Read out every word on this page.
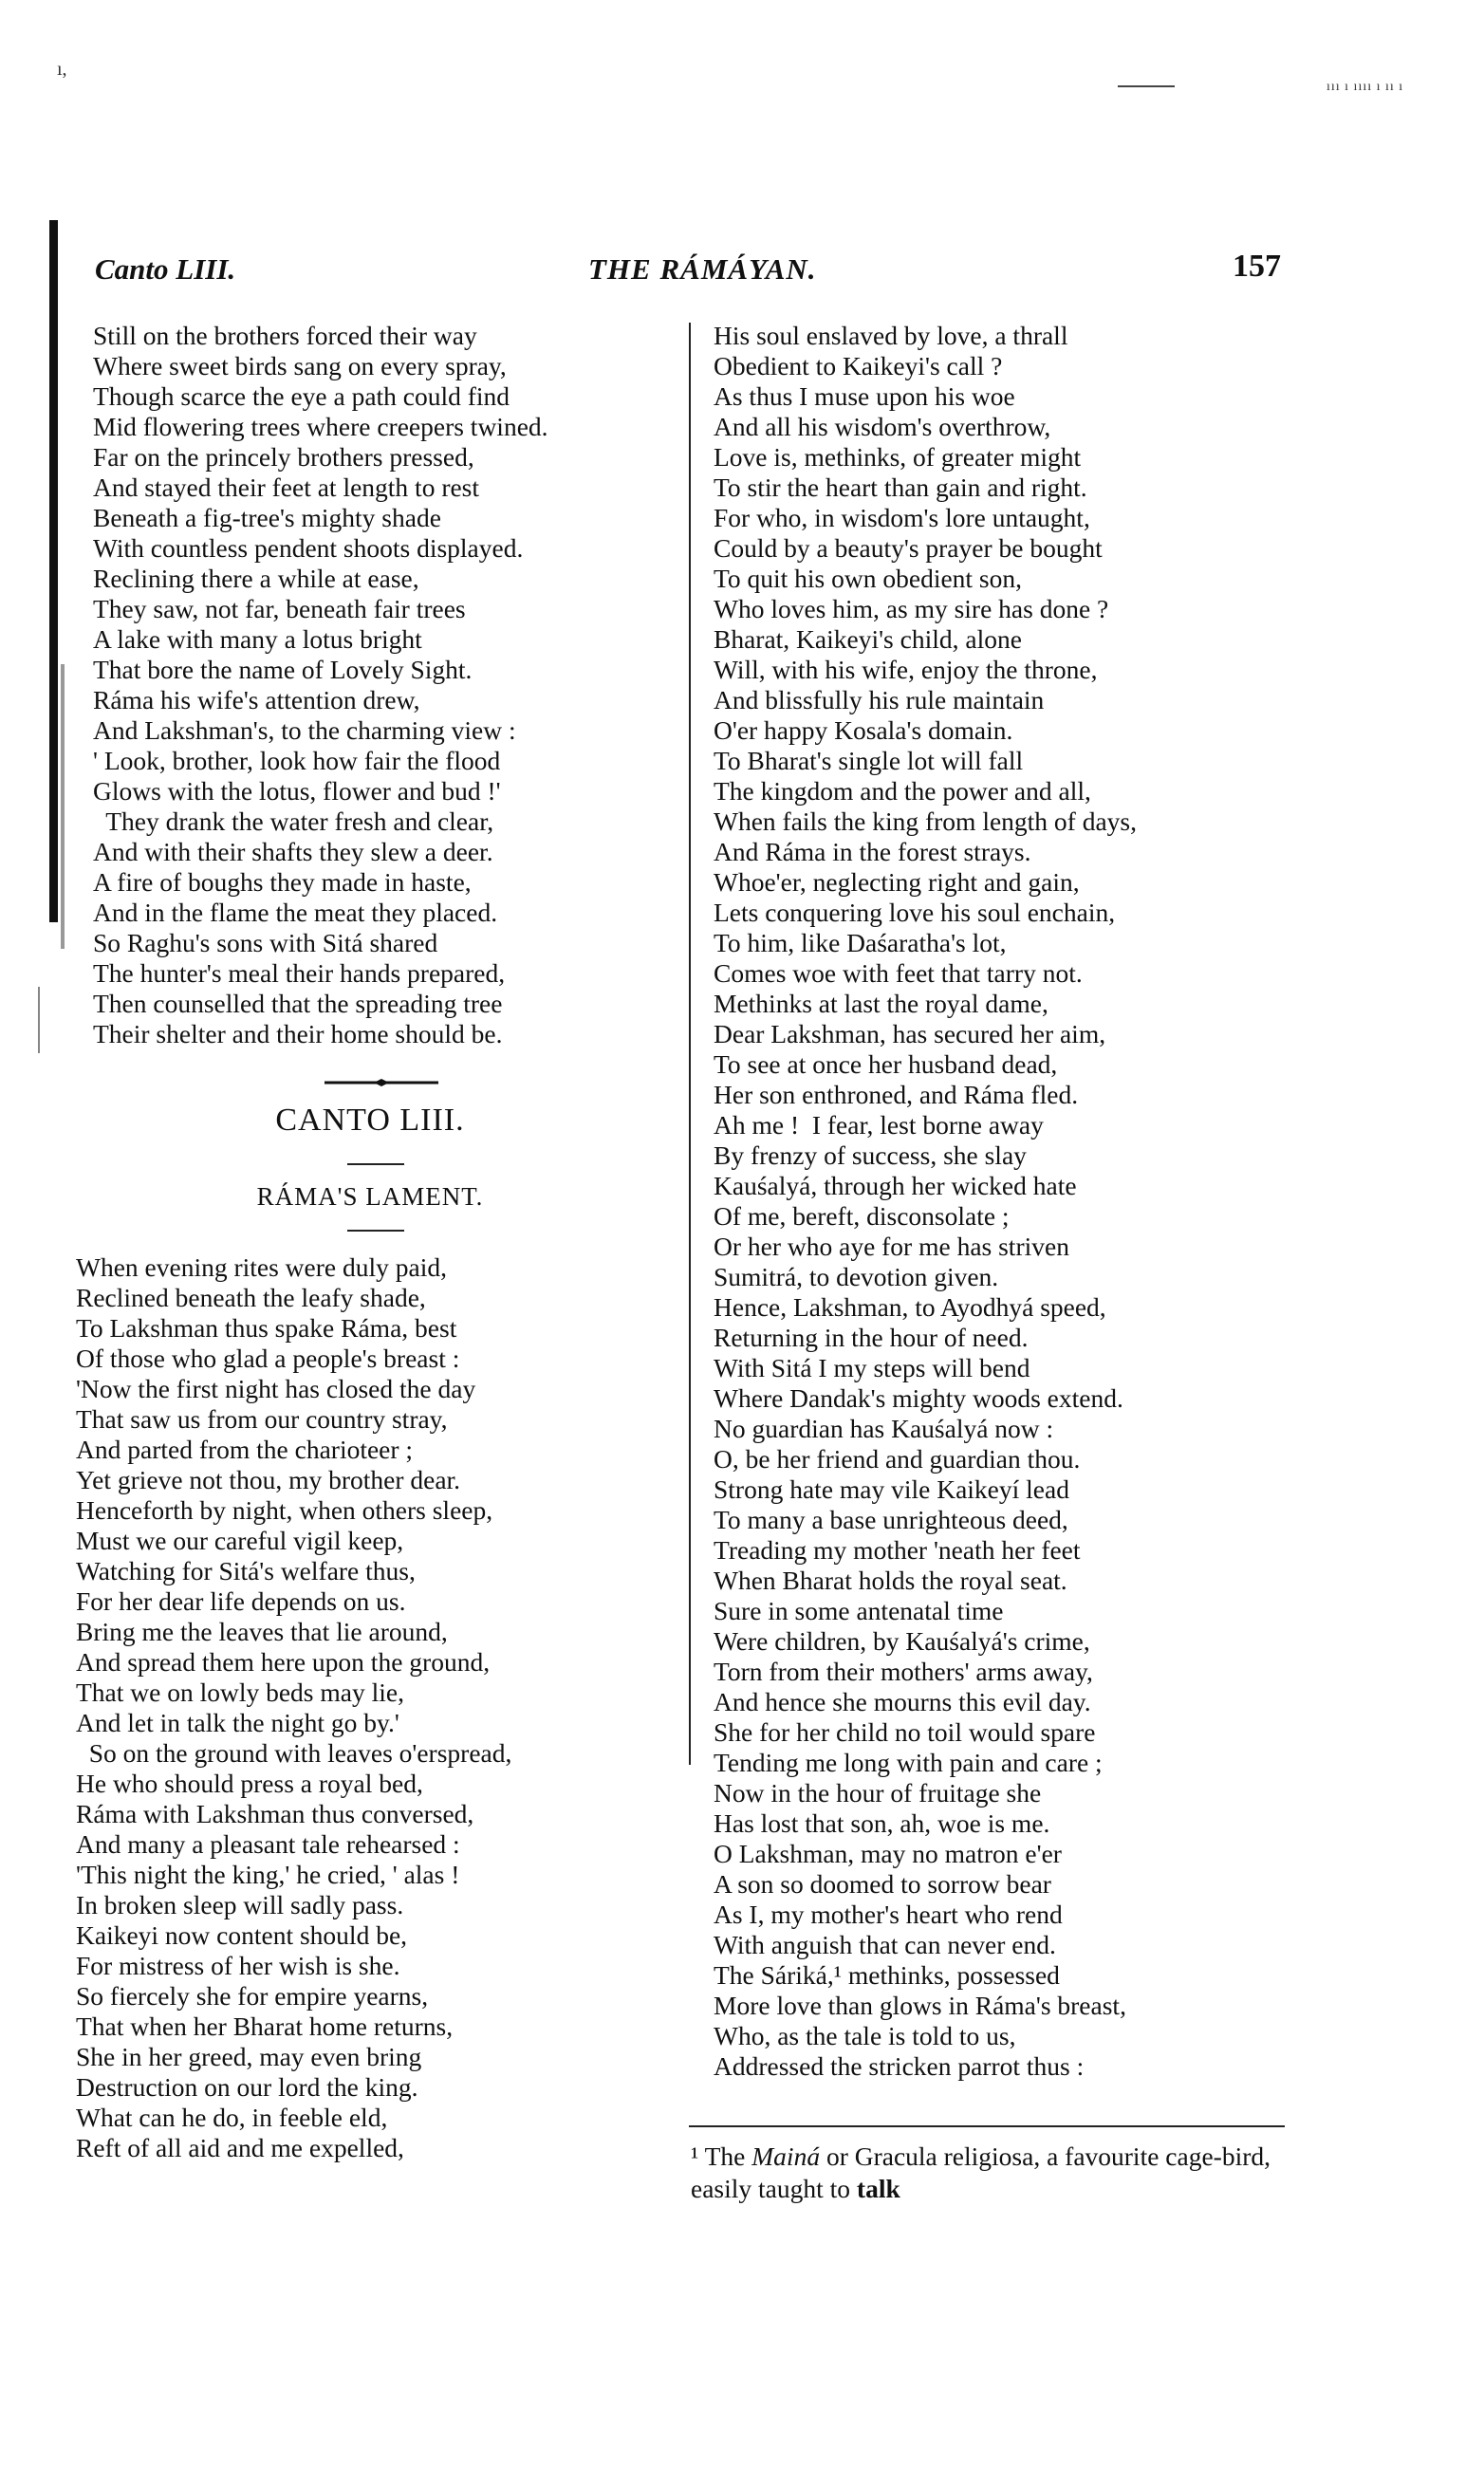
ı,
ııı ı ıııı ı ıı ı
Canto LIII.	THE RÁMÁYAN.	157
Still on the brothers forced their way
Where sweet birds sang on every spray,
Though scarce the eye a path could find
Mid flowering trees where creepers twined.
Far on the princely brothers pressed,
And stayed their feet at length to rest
Beneath a fig-tree's mighty shade
With countless pendent shoots displayed.
Reclining there a while at ease,
They saw, not far, beneath fair trees
A lake with many a lotus bright
That bore the name of Lovely Sight.
Ráma his wife's attention drew,
And Lakshman's, to the charming view :
' Look, brother, look how fair the flood
Glows with the lotus, flower and bud !'
They drank the water fresh and clear,
And with their shafts they slew a deer.
A fire of boughs they made in haste,
And in the flame the meat they placed.
So Raghu's sons with Sitá shared
The hunter's meal their hands prepared,
Then counselled that the spreading tree
Their shelter and their home should be.
CANTO LIII.
RÁMA'S LAMENT.
When evening rites were duly paid,
Reclined beneath the leafy shade,
To Lakshman thus spake Ráma, best
Of those who glad a people's breast :
'Now the first night has closed the day
That saw us from our country stray,
And parted from the charioteer ;
Yet grieve not thou, my brother dear.
Henceforth by night, when others sleep,
Must we our careful vigil keep,
Watching for Sitá's welfare thus,
For her dear life depends on us.
Bring me the leaves that lie around,
And spread them here upon the ground,
That we on lowly beds may lie,
And let in talk the night go by.'
So on the ground with leaves o'erspread,
He who should press a royal bed,
Ráma with Lakshman thus conversed,
And many a pleasant tale rehearsed :
'This night the king,' he cried, ' alas !
In broken sleep will sadly pass.
Kaikeyi now content should be,
For mistress of her wish is she.
So fiercely she for empire yearns,
That when her Bharat home returns,
She in her greed, may even bring
Destruction on our lord the king.
What can he do, in feeble eld,
Reft of all aid and me expelled,
His soul enslaved by love, a thrall
Obedient to Kaikeyi's call ?
As thus I muse upon his woe
And all his wisdom's overthrow,
Love is, methinks, of greater might
To stir the heart than gain and right.
For who, in wisdom's lore untaught,
Could by a beauty's prayer be bought
To quit his own obedient son,
Who loves him, as my sire has done ?
Bharat, Kaikeyi's child, alone
Will, with his wife, enjoy the throne,
And blissfully his rule maintain
O'er happy Kosala's domain.
To Bharat's single lot will fall
The kingdom and the power and all,
When fails the king from length of days,
And Ráma in the forest strays.
Whoe'er, neglecting right and gain,
Lets conquering love his soul enchain,
To him, like Daśaratha's lot,
Comes woe with feet that tarry not.
Methinks at last the royal dame,
Dear Lakshman, has secured her aim,
To see at once her husband dead,
Her son enthroned, and Ráma fled.
Ah me !  I fear, lest borne away
By frenzy of success, she slay
Kauśalyá, through her wicked hate
Of me, bereft, disconsolate ;
Or her who aye for me has striven
Sumitrá, to devotion given.
Hence, Lakshman, to Ayodhyá speed,
Returning in the hour of need.
With Sitá I my steps will bend
Where Dandak's mighty woods extend.
No guardian has Kauśalyá now :
O, be her friend and guardian thou.
Strong hate may vile Kaikeyí lead
To many a base unrighteous deed,
Treading my mother 'neath her feet
When Bharat holds the royal seat.
Sure in some antenatal time
Were children, by Kauśalyá's crime,
Torn from their mothers' arms away,
And hence she mourns this evil day.
She for her child no toil would spare
Tending me long with pain and care ;
Now in the hour of fruitage she
Has lost that son, ah, woe is me.
O Lakshman, may no matron e'er
A son so doomed to sorrow bear
As I, my mother's heart who rend
With anguish that can never end.
The Sáriká,¹ methinks, possessed
More love than glows in Ráma's breast,
Who, as the tale is told to us,
Addressed the stricken parrot thus :
¹ The Mainá or Gracula religiosa, a favourite cage-bird, easily taught to talk
